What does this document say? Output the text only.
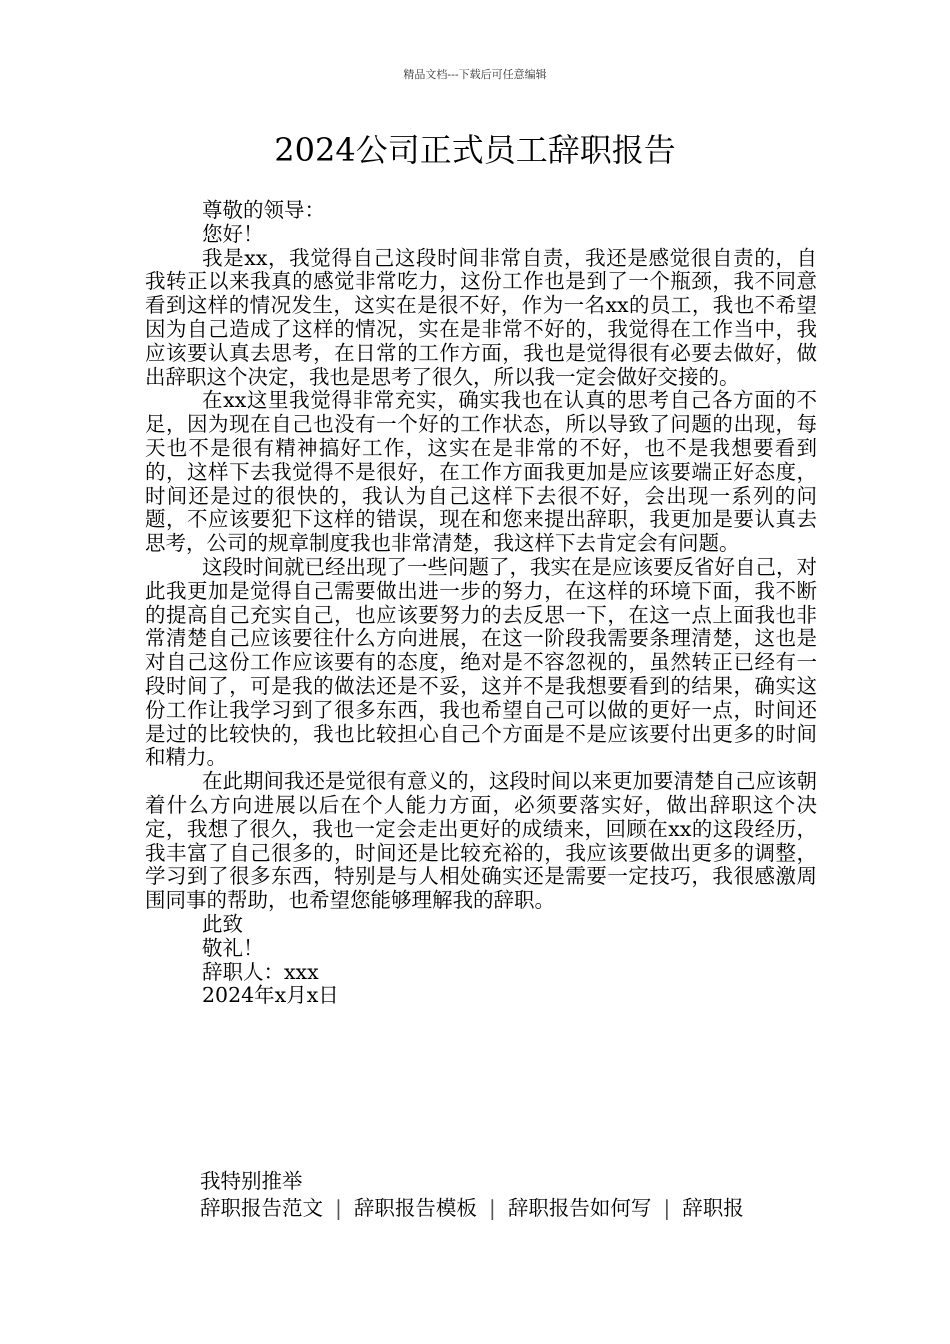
精品文档---下载后可任意编辑
2024公司正式员工辞职报告
尊敬的领导：
您好！

我是xx，我觉得自己这段时间非常自责，我还是感觉很自责的，自我转正以来我真的感觉非常吃力，这份工作也是到了一个瓶颈，我不同意看到这样的情况发生，这实在是很不好，作为一名xx的员工，我也不希望因为自己造成了这样的情况，实在是非常不好的，我觉得在工作当中，我应该要认真去思考，在日常的工作方面，我也是觉得很有必要去做好，做出辞职这个决定，我也是思考了很久，所以我一定会做好交接的。

在xx这里我觉得非常充实，确实我也在认真的思考自己各方面的不足，因为现在自己也没有一个好的工作状态，所以导致了问题的出现，每天也不是很有精神搞好工作，这实在是非常的不好，也不是我想要看到的，这样下去我觉得不是很好，在工作方面我更加是应该要端正好态度，时间还是过的很快的，我认为自己这样下去很不好，会出现一系列的问题，不应该要犯下这样的错误，现在和您来提出辞职，我更加是要认真去思考，公司的规章制度我也非常清楚，我这样下去肯定会有问题。

这段时间就已经出现了一些问题了，我实在是应该要反省好自己，对此我更加是觉得自己需要做出进一步的努力，在这样的环境下面，我不断的提高自己充实自己，也应该要努力的去反思一下，在这一点上面我也非常清楚自己应该要往什么方向进展，在这一阶段我需要条理清楚，这也是对自己这份工作应该要有的态度，绝对是不容忽视的，虽然转正已经有一段时间了，可是我的做法还是不妥，这并不是我想要看到的结果，确实这份工作让我学习到了很多东西，我也希望自己可以做的更好一点，时间还是过的比较快的，我也比较担心自己个方面是不是应该要付出更多的时间和精力。

在此期间我还是觉很有意义的，这段时间以来更加要清楚自己应该朝着什么方向进展以后在个人能力方面，必须要落实好，做出辞职这个决定，我想了很久，我也一定会走出更好的成绩来，回顾在xx的这段经历，我丰富了自己很多的，时间还是比较充裕的，我应该要做出更多的调整，学习到了很多东西，特别是与人相处确实还是需要一定技巧，我很感激周围同事的帮助，也希望您能够理解我的辞职。

此致
敬礼！
辞职人：xxx
2024年x月x日
我特别推举
辞职报告范文 | 辞职报告模板 | 辞职报告如何写 | 辞职报
